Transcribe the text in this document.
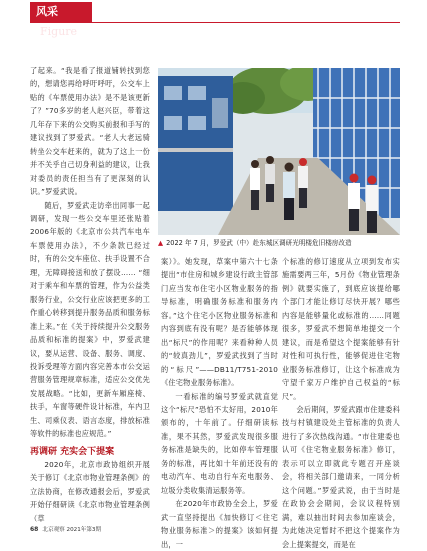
风采Figure

了起来。“我是看了报道铺转找到您的，想请您再给呼吁呼吁，公交车上贴的《车票使用办法》是不是该更新了？”70多岁的老人赵兴臣，带着这几年存下来的公交购买前报和手写的建议找到了罗爱武。“老人大老远骑转坐公交车赶来的，就为了这上一份并不关乎自己切身利益的建议，让我对委员的责任担当有了更深刻的认识。”罗爱武说。

随后，罗爱武走访牵出同事一起调研，发现一些公交车里还张贴着2006年版的《北京市公共汽车电车车票使用办法》，不少条款已经过时，有的公交车座位、扶手设置不合理，无障碍接送和放了摆设…… “细对于乘车和车票的管理，作为公益类服务行业，公交行业应该把更多的工作重心转移到提升服务品质和服务标准上来。”在《关于持续提升公交服务品质和标准的提案》中，罗爱武建议，要从运营、设备、服务、调度、投诉受理等方面内容完善本市公交运营服务管理规章标准，适应公交优先发展战略。“比如，更新车厢座椅、扶手，车窗等硬件设计标准，车内卫生、司乘仪表、语言态度，排放标准等软件的标准也应规范。”

再调研 充实会下提案

2020年，北京市政协组织开展关于修订《北京市物业管理条例》的立法协商，在修改通报会后，罗爱武开始仔细研读《北京市物业管理条例（草

▲ 2022 年 7 月，罗爱武（中）赴东城区调研光明楼危旧楼房改造

案）》。她发现，草案中第六十七条提出“市住房和城乡建设行政主管部门应当发布住宅小区物业服务的指导标准，明确服务标准和服务内容。”这个住宅小区物业服务标准和内容到底有没有呢？是否能够体现出“标尺”的作用呢？来看种种人员的“较真劲儿”，罗爱武找到了当时的“标尺”——DB11/T751-2010《住宅物业服务标准》。

一看标准的编号罗爱武就直觉这个“标尺”恐怕不太好用，2010年颁布的，十年前了。仔细研读标准，果不其然，罗爱武发现很多服务标准是缺失的，比如停车管理服务的标准，再比如十年前还没有的电动汽车、电动自行车充电服务、垃圾分类收集清运服务等。

在2020年市政协全会上，罗爱武一直坚持提出《加快修订＜住宅物业服务标准＞的提案》该如何提出，一

个标准的修订速度从立项到发布实施需要两三年，5月份《物业管理条例》就要实施了，到底应该提给哪个部门才能让修订尽快开展？哪些内容是能够量化或标准的……同题很多，罗爱武不想简单地提交一个建议，而是希望这个提案能够有针对性和可执行性，能够促进住宅物业服务标准修订，让这个标准成为守望千家万户维护自己权益的“标尺”。

会后期间，罗爱武跟市住建委科技与村镇建设处主管标准的负责人进行了多次热线沟通。“市住建委也认可《住宅物业服务标准》修订，表示可以立即就此专题召开座谈会，将相关部门邀请来，一同分析这个问题。”罗爱武说，由于当时是在政协会会期间，会议议程特别满，难以抽出时间去参加座谈会，为此她决定暂时不把这个提案作为会上提案提交，而是在

68 北京观察 2021年第3期
